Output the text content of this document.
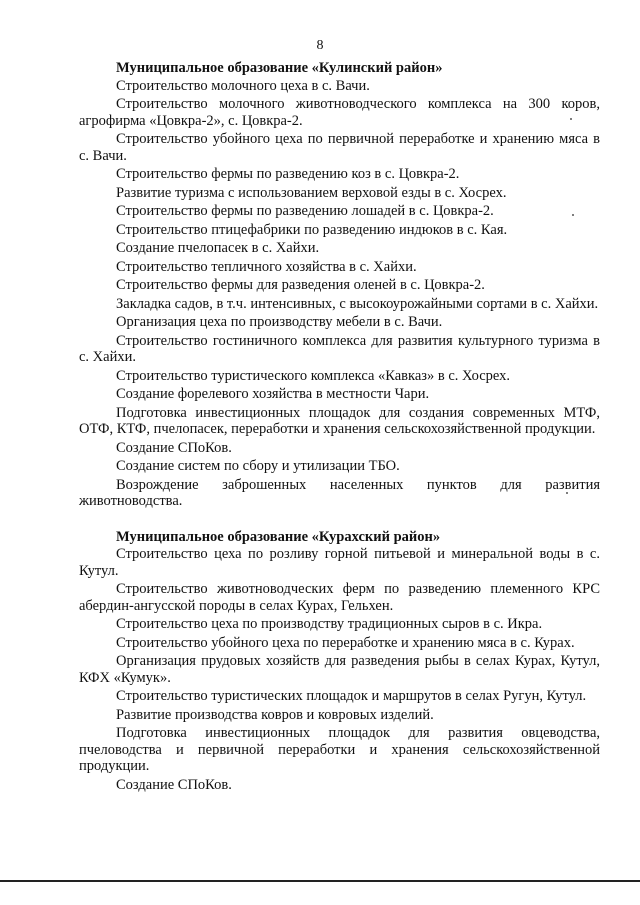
8

Муниципальное образование «Кулинский район»

Строительство молочного цеха в с. Вачи.

Строительство молочного животноводческого комплекса на 300 коров, агрофирма «Цовкра-2», с. Цовкра-2.

Строительство убойного цеха по первичной переработке и хранению мяса в с. Вачи.

Строительство фермы по разведению коз в с. Цовкра-2.

Развитие туризма с использованием верховой езды в с. Хосрех.

Строительство фермы по разведению лошадей в с. Цовкра-2.

Строительство птицефабрики по разведению индюков в с. Кая.

Создание пчелопасек в с. Хайхи.

Строительство тепличного хозяйства в с. Хайхи.

Строительство фермы для разведения оленей в с. Цовкра-2.

Закладка садов, в т.ч. интенсивных, с высокоурожайными сортами в с. Хайхи.

Организация цеха по производству мебели в с. Вачи.

Строительство гостиничного комплекса для развития культурного туризма в с. Хайхи.

Строительство туристического комплекса «Кавказ» в с. Хосрех.

Создание форелевого хозяйства в местности Чари.

Подготовка инвестиционных площадок для создания современных МТФ, ОТФ, КТФ, пчелопасек, переработки и хранения сельскохозяйственной продукции.

Создание СПоКов.

Создание систем по сбору и утилизации ТБО.

Возрождение заброшенных населенных пунктов для развития животноводства.

Муниципальное образование «Курахский район»

Строительство цеха по розливу горной питьевой и минеральной воды в с. Кутул.

Строительство животноводческих ферм по разведению племенного КРС абердин-ангусской породы в селах Курах, Гельхен.

Строительство цеха по производству традиционных сыров в с. Икра.

Строительство убойного цеха по переработке и хранению мяса в с. Курах.

Организация прудовых хозяйств для разведения рыбы в селах Курах, Кутул, КФХ «Кумук».

Строительство туристических площадок и маршрутов в селах Ругун, Кутул.

Развитие производства ковров и ковровых изделий.

Подготовка инвестиционных площадок для развития овцеводства, пчеловодства и первичной переработки и хранения сельскохозяйственной продукции.

Создание СПоКов.
